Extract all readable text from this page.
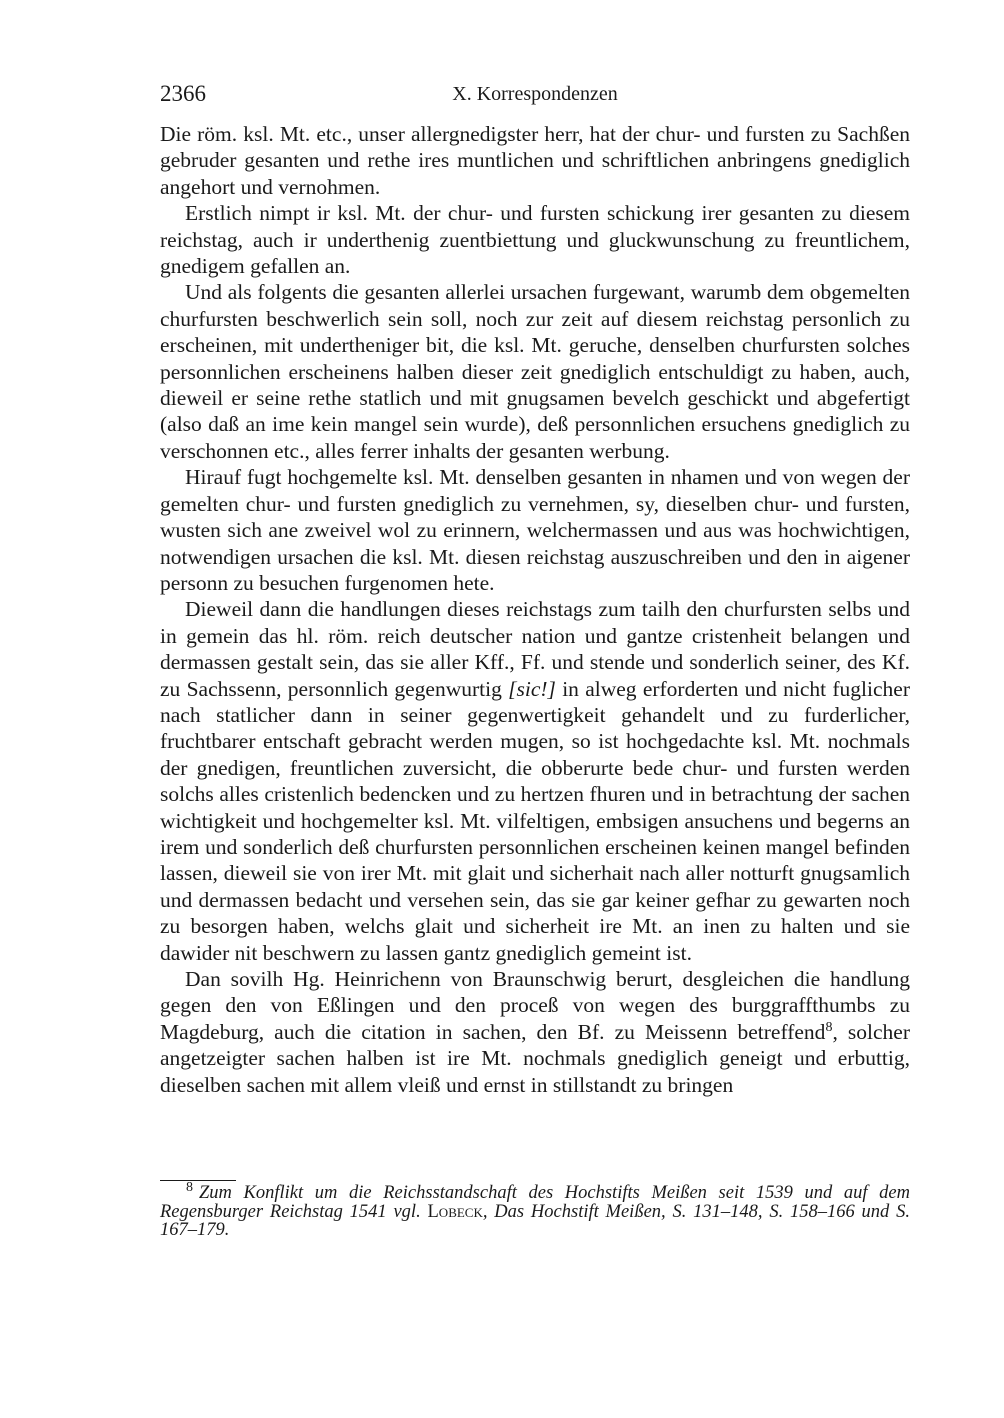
2366	X. Korrespondenzen

Die röm. ksl. Mt. etc., unser allergnedigster herr, hat der chur- und fursten zu Sachßen gebruder gesanten und rethe ires muntlichen und schriftlichen anbringens gnediglich angehort und vernohmen.

Erstlich nimpt ir ksl. Mt. der chur- und fursten schickung irer gesanten zu diesem reichstag, auch ir underthenig zuentbiettung und gluckwunschung zu freuntlichem, gnedigem gefallen an.

Und als folgents die gesanten allerlei ursachen furgewant, warumb dem obgemelten churfursten beschwerlich sein soll, noch zur zeit auf diesem reichstag personlich zu erscheinen, mit undertheniger bit, die ksl. Mt. geruche, denselben churfursten solches personnlichen erscheinens halben dieser zeit gnediglich entschuldigt zu haben, auch, dieweil er seine rethe statlich und mit gnugsamen bevelch geschickt und abgefertigt (also daß an ime kein mangel sein wurde), deß personnlichen ersuchens gnediglich zu verschonnen etc., alles ferrer inhalts der gesanten werbung.

Hirauf fugt hochgemelte ksl. Mt. denselben gesanten in nhamen und von wegen der gemelten chur- und fursten gnediglich zu vernehmen, sy, dieselben chur- und fursten, wusten sich ane zweivel wol zu erinnern, welchermassen und aus was hochwichtigen, notwendigen ursachen die ksl. Mt. diesen reichstag auszuschreiben und den in aigener personn zu besuchen furgenomen hete.

Dieweil dann die handlungen dieses reichstags zum tailh den churfursten selbs und in gemein das hl. röm. reich deutscher nation und gantze cristenheit belangen und dermassen gestalt sein, das sie aller Kff., Ff. und stende und sonderlich seiner, des Kf. zu Sachssenn, personnlich gegenwurtig [sic!] in alweg erforderten und nicht fuglicher nach statlicher dann in seiner gegenwertigkeit gehandelt und zu furderlicher, fruchtbarer entschaft gebracht werden mugen, so ist hochgedachte ksl. Mt. nochmals der gnedigen, freuntlichen zuversicht, die obberurte bede chur- und fursten werden solchs alles cristenlich bedencken und zu hertzen fhuren und in betrachtung der sachen wichtigkeit und hochgemelter ksl. Mt. vilfeltigen, embsigen ansuchens und begerns an irem und sonderlich deß churfursten personnlichen erscheinen keinen mangel befinden lassen, dieweil sie von irer Mt. mit glait und sicherhait nach aller notturft gnugsamlich und dermassen bedacht und versehen sein, das sie gar keiner gefhar zu gewarten noch zu besorgen haben, welchs glait und sicherheit ire Mt. an inen zu halten und sie dawider nit beschwern zu lassen gantz gnediglich gemeint ist.

Dan sovilh Hg. Heinrichenn von Braunschwig berurt, desgleichen die handlung gegen den von Eßlingen und den proceß von wegen des burggraffthumbs zu Magdeburg, auch die citation in sachen, den Bf. zu Meissenn betreffend$^8$, solcher angetzeigter sachen halben ist ire Mt. nochmals gnediglich geneigt und erbuttig, dieselben sachen mit allem vleiß und ernst in stillstandt zu bringen

$^8$ Zum Konflikt um die Reichsstandschaft des Hochstifts Meißen seit 1539 und auf dem Regensburger Reichstag 1541 vgl. Lobeck, Das Hochstift Meißen, S. 131–148, S. 158–166 und S. 167–179.
